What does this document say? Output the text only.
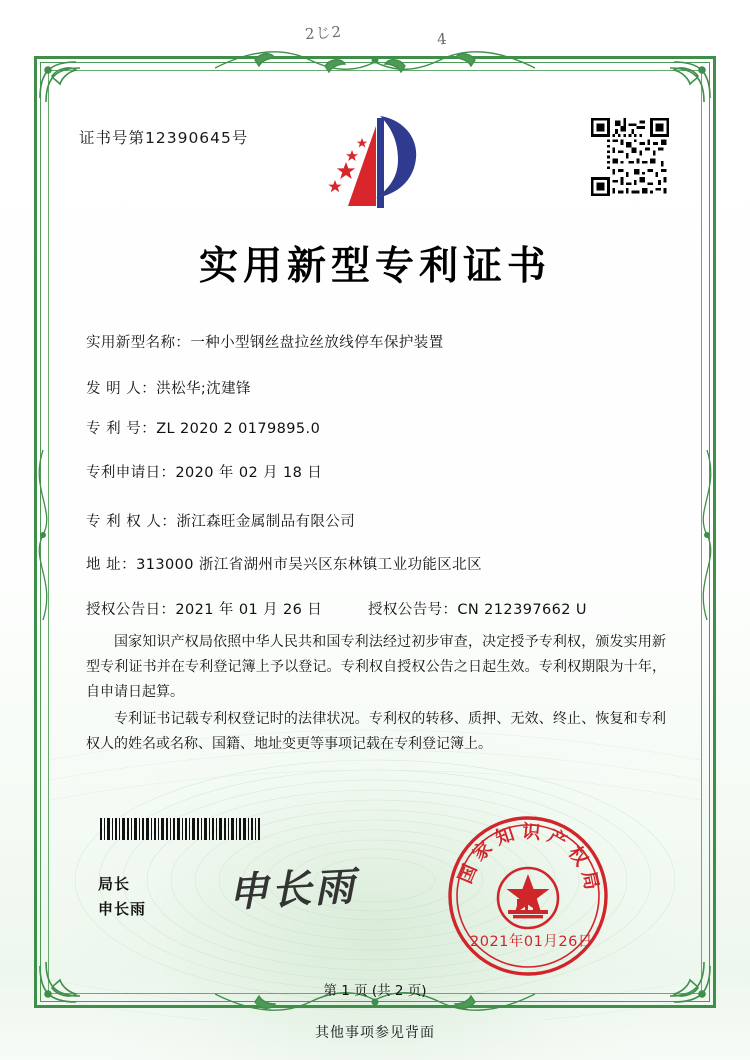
2じ2	4
证书号第12390645号
实用新型专利证书
实用新型名称：一种小型钢丝盘拉丝放线停车保护装置
发 明 人：洪松华;沈建锋
专 利 号：ZL 2020 2 0179895.0
专利申请日：2020 年 02 月 18 日
专 利 权 人：浙江森旺金属制品有限公司
地 址：313000 浙江省湖州市吴兴区东林镇工业功能区北区
授权公告日：2021 年 01 月 26 日	授权公告号：CN 212397662 U
国家知识产权局依照中华人民共和国专利法经过初步审查，决定授予专利权，颁发实用新型专利证书并在专利登记簿上予以登记。专利权自授权公告之日起生效。专利权期限为十年，自申请日起算。
专利证书记载专利权登记时的法律状况。专利权的转移、质押、无效、终止、恢复和专利权人的姓名或名称、国籍、地址变更等事项记载在专利登记簿上。
局长
申长雨 申长雨	国家知识产权局
2021年01月26日
第 1 页 (共 2 页)
其他事项参见背面
